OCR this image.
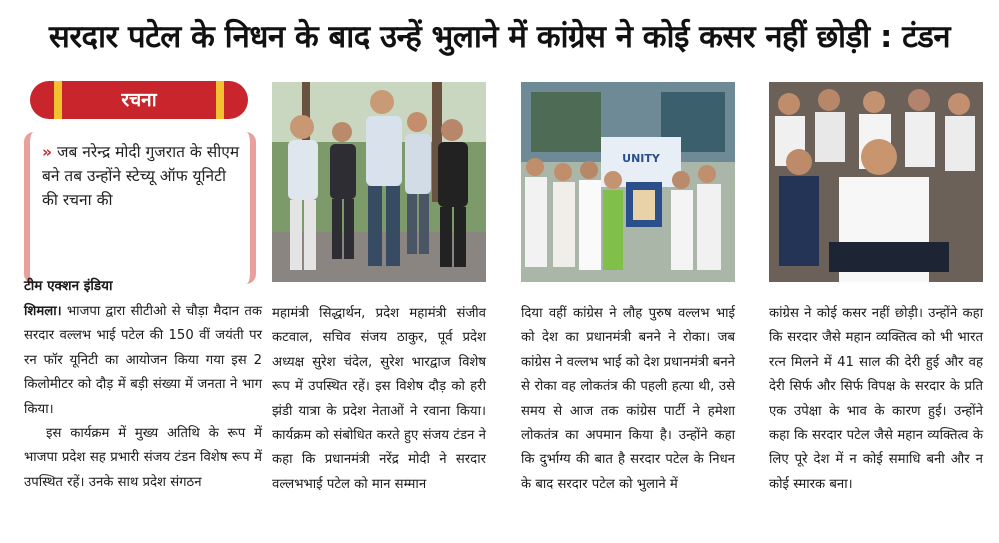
सरदार पटेल के निधन के बाद उन्हें भुलाने में कांग्रेस ने कोई कसर नहीं छोड़ी : टंडन
रचना
» जब नरेन्द्र मोदी गुजरात के सीएम बने तब उन्होंने स्टेच्यू ऑफ यूनिटी की रचना की
टीम एक्शन इंडिया

शिमला। भाजपा द्वारा सीटीओ से चौड़ा मैदान तक सरदार वल्लभ भाई पटेल की 150 वीं जयंती पर रन फॉर यूनिटी का आयोजन किया गया इस 2 किलोमीटर को दौड़ में बड़ी संख्या में जनता ने भाग किया।

इस कार्यक्रम में मुख्य अतिथि के रूप में भाजपा प्रदेश सह प्रभारी संजय टंडन विशेष रूप में उपस्थित रहें। उनके साथ प्रदेश संगठन

महामंत्री सिद्धार्थन, प्रदेश महामंत्री संजीव कटवाल, सचिव संजय ठाकुर, पूर्व प्रदेश अध्यक्ष सुरेश चंदेल, सुरेश भारद्वाज विशेष रूप में उपस्थित रहें। इस विशेष दौड़ को हरी झंडी यात्रा के प्रदेश नेताओं ने रवाना किया।कार्यक्रम को संबोधित करते हुए संजय टंडन ने कहा कि प्रधानमंत्री नरेंद्र मोदी ने सरदार वल्लभभाई पटेल को मान सम्मान

दिया वहीं कांग्रेस ने लौह पुरुष वल्लभ भाई को देश का प्रधानमंत्री बनने ने रोका। जब कांग्रेस ने वल्लभ भाई को देश प्रधानमंत्री बनने से रोका वह लोकतंत्र की पहली हत्या थी, उसे समय से आज तक कांग्रेस पार्टी ने हमेशा लोकतंत्र का अपमान किया है। उन्होंने कहा कि दुर्भाग्य की बात है सरदार पटेल के निधन के बाद सरदार पटेल को भुलाने में

कांग्रेस ने कोई कसर नहीं छोड़ी। उन्होंने कहा कि सरदार जैसे महान व्यक्तित्व को भी भारत रत्न मिलने में 41 साल की देरी हुई और वह देरी सिर्फ और सिर्फ विपक्ष के सरदार के प्रति एक उपेक्षा के भाव के कारण हुई। उन्होंने कहा कि सरदार पटेल जैसे महान व्यक्तित्व के लिए पूरे देश में न कोई समाधि बनी और न कोई स्मारक बना।

UNITY
